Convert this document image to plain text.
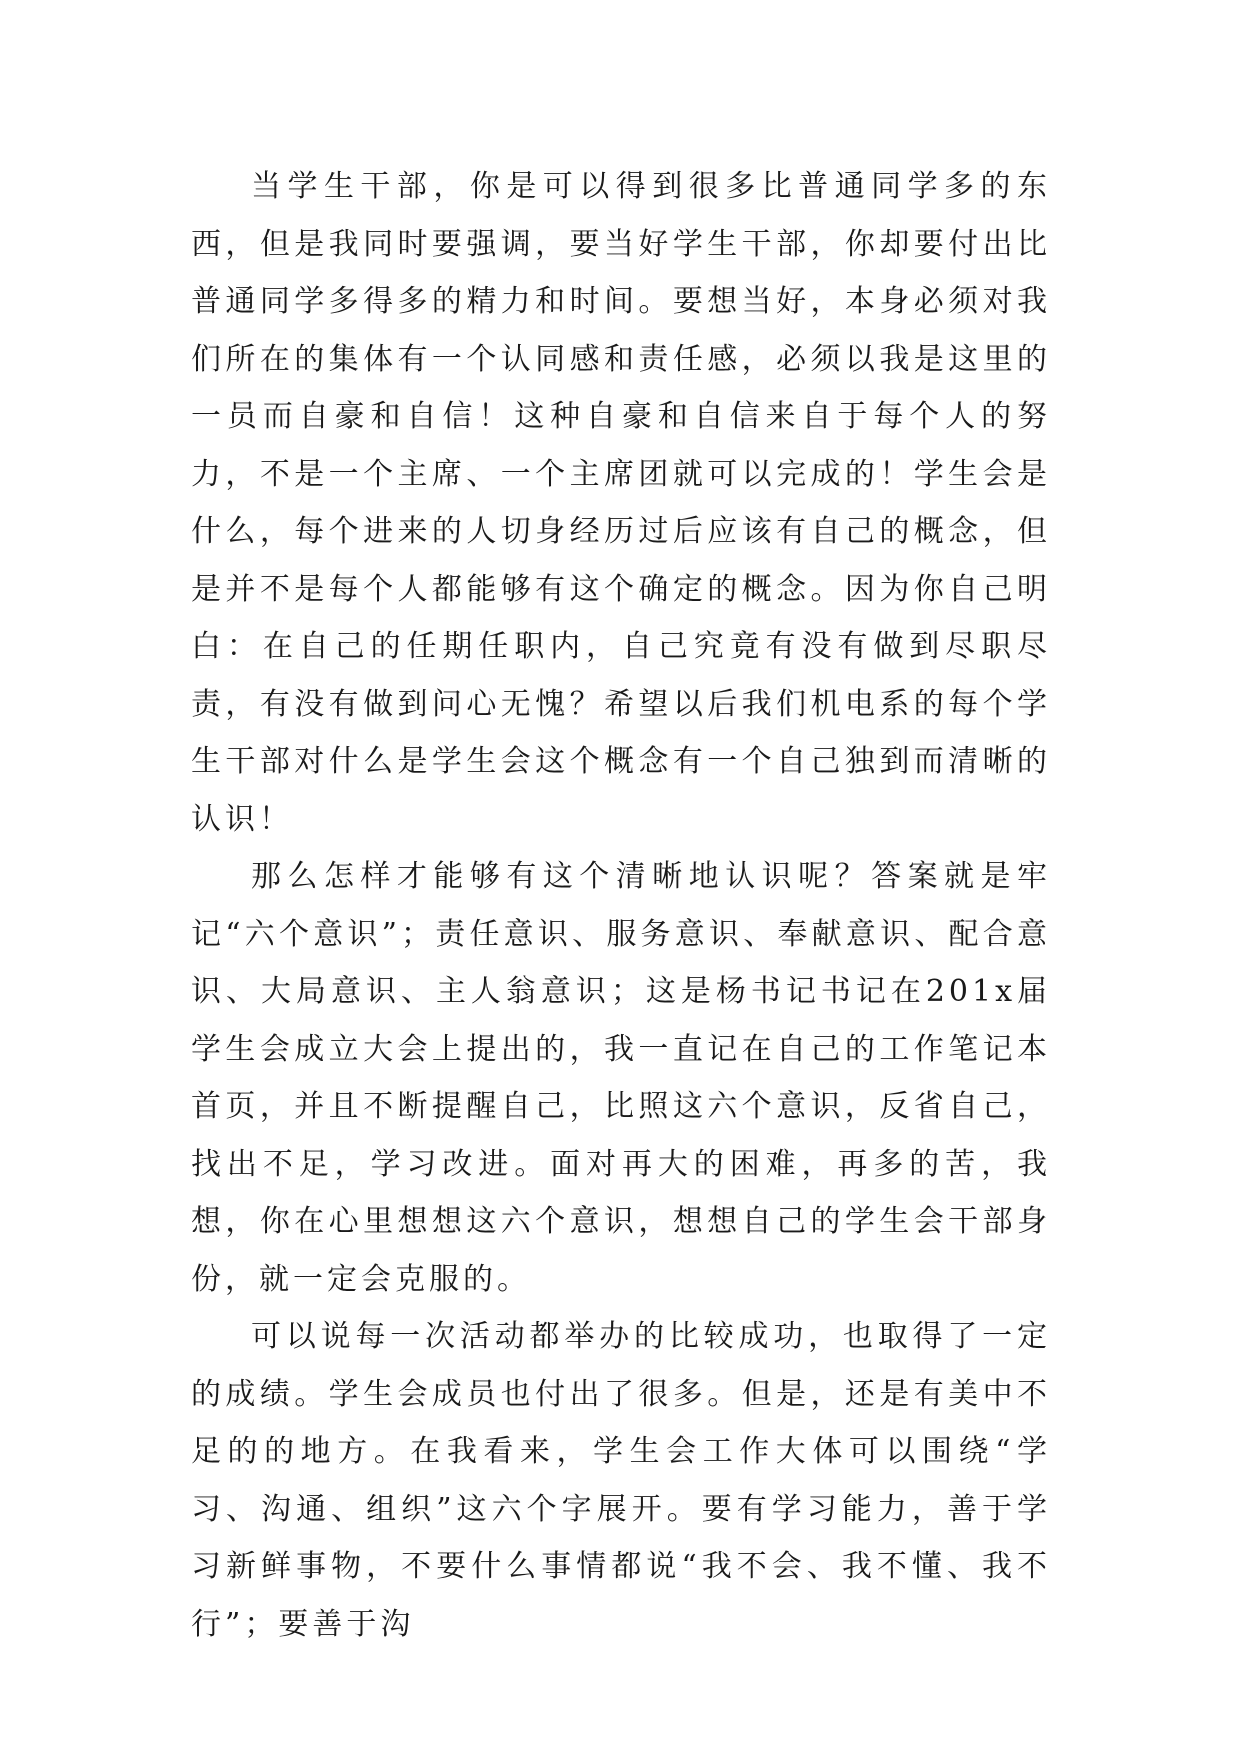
当学生干部，你是可以得到很多比普通同学多的东西，但是我同时要强调，要当好学生干部，你却要付出比普通同学多得多的精力和时间。要想当好，本身必须对我们所在的集体有一个认同感和责任感，必须以我是这里的一员而自豪和自信！这种自豪和自信来自于每个人的努力，不是一个主席、一个主席团就可以完成的！学生会是什么，每个进来的人切身经历过后应该有自己的概念，但是并不是每个人都能够有这个确定的概念。因为你自己明白：在自己的任期任职内，自己究竟有没有做到尽职尽责，有没有做到问心无愧？希望以后我们机电系的每个学生干部对什么是学生会这个概念有一个自己独到而清晰的认识！

那么怎样才能够有这个清晰地认识呢？答案就是牢记“六个意识”；责任意识、服务意识、奉献意识、配合意识、大局意识、主人翁意识；这是杨书记书记在201x届学生会成立大会上提出的，我一直记在自己的工作笔记本首页，并且不断提醒自己，比照这六个意识，反省自己，找出不足，学习改进。面对再大的困难，再多的苦，我想，你在心里想想这六个意识，想想自己的学生会干部身份，就一定会克服的。

可以说每一次活动都举办的比较成功，也取得了一定的成绩。学生会成员也付出了很多。但是，还是有美中不足的的地方。在我看来，学生会工作大体可以围绕“学习、沟通、组织”这六个字展开。要有学习能力，善于学习新鲜事物，不要什么事情都说“我不会、我不懂、我不行”；要善于沟
